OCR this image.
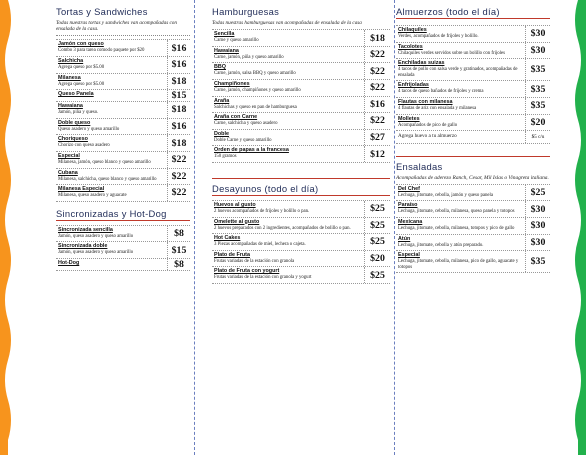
Tortas y Sandwiches
Todas nuestras tortas y sandwiches van acompañadas con ensalada de la casa.
Jamón con queso
Combo 3 para tarea comodo paquete por $20	$16
Salchicha
Agrega queso por $5.00	$16
Milanesa
Agrega queso por $5.00	$18
Queso Panela	$15
Hawaiana
Jamón, piña y queso.	$18
Doble queso
Queso asadero y queso amarillo	$16
Choriqueso
Chorizo con queso asadero	$18
Especial
Milanesa, jamón, queso blanco y queso amarillo	$22
Cubana
Milanesa, salchicha, queso blanco y queso amarillo	$22
Milanesa Especial
Milanesa, queso asadero y aguacate	$22
Sincronizadas y Hot-Dog
Sincronizada sencilla
Jamón, queso asadero y queso amarillo	$8
Sincronizada doble
Jamón, queso asadero y queso amarillo	$15
Hot-Dog	$8
Hamburguesas
Todas nuestras hamburguesas van acompañadas de ensalada de la casa
Sencilla
Carne y queso amarillo	$18
Hawaiana
Carne, jamón, piña y queso amarillo	$22
BBQ
Carne, jamón, salsa BBQ y queso amarillo	$22
Champiñones
Carne, jamón, champiñones y queso amarillo	$22
Araña
Salchichas y queso en pan de hamburguesa	$16
Araña con Carne
Carne, salchicha y queso asadero	$22
Doble
Doble Carne y queso amarillo	$27
Orden de papas a la francesa
150 gramos	$12
Desayunos (todo el día)
Huevos al gusto
2 huevos acompañados de frijoles y bolillo o pan.	$25
Omelette al gusto
2 huevos preparados con 2 ingredientes, acompañados de bolillo o pan.	$25
Hot Cakes
3 Piezas acompañadas de miel, lechera o cajeta.	$25
Plato de Fruta
Frutas variadas de la estación con granola	$20
Plato de Fruta con yogurt
Frutas variadas de la estación con granola y yogurt	$25
Almuerzos (todo el día)
Chilaquiles
Verdes, acompañados de frijoles y bolillo.	$30
Tacolotes
Chilaquiles verdes servidos sobre un bolillo con frijoles	$30
Enchiladas suizas
4 tacos de pollo con salsa verde y gratinados, acompañadas de ensalada	$35
Enfrijoladas
4 tacos de queso bañados de frijoles y crema	$35
Flautas con milanesa
4 flautas de ariz con ensalada y milanesa	$35
Molletes
Acompañados de pico de gallo	$20
Agrega huevo a tu almuerzo	$5 c/u
Ensaladas
Acompañadas de aderezo Ranch, Cesar, Mil Islas o Vinagreta italiana.
Del Chef
Lechuga, jitomate, cebolla, jamón y queso panela	$25
Paraíso
Lechuga, jitomate, cebolla, milanesa, queso panela y totopos	$30
Mexicana
Lechuga, jitomate, cebolla, milanesa, totopos y pico de gallo	$30
Atún
Lechuga, jitomate, cebolla y atún preparado.	$30
Especial
Lechuga, jitomate, cebolla, milanesa, pico de gallo, aguacate y totopos	$35
